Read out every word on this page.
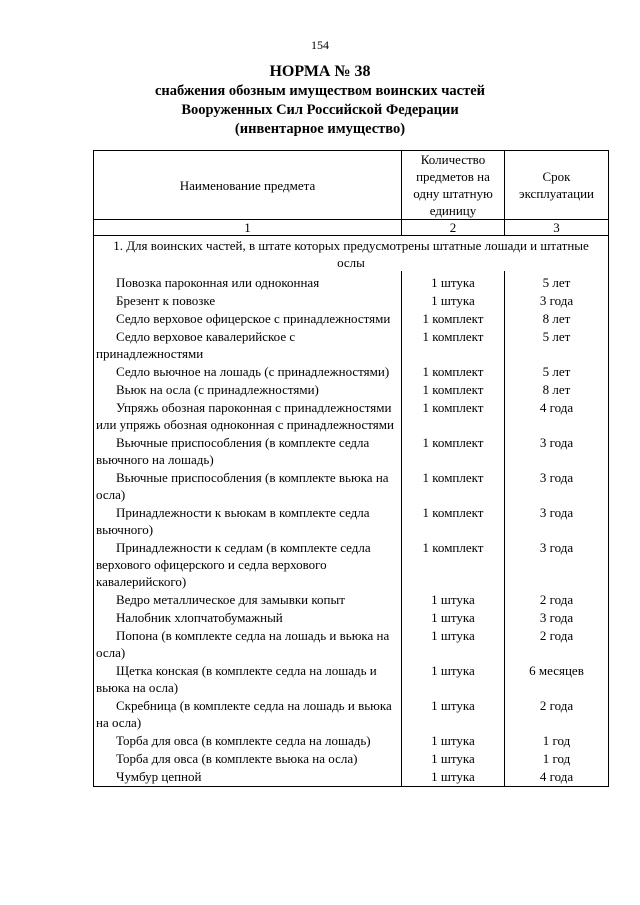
154
НОРМА № 38
снабжения обозным имуществом воинских частей
Вооруженных Сил Российской Федерации
(инвентарное имущество)
Наименование предмета	Количество предметов на одну штатную единицу	Срок эксплуатации
1	2	3
1. Для воинских частей, в штате которых предусмотрены штатные лошади и штатные ослы		
Повозка пароконная или одноконная	1 штука	5 лет
Брезент к повозке	1 штука	3 года
Седло верховое офицерское с принадлежностями	1 комплект	8 лет
Седло верховое кавалерийское с принадлежностями	1 комплект	5 лет
Седло вьючное на лошадь (с принадлежностями)	1 комплект	5 лет
Вьюк на осла (с принадлежностями)	1 комплект	8 лет
Упряжь обозная пароконная с принадлежностями или упряжь обозная одноконная с принадлежностями	1 комплект	4 года
Вьючные приспособления (в комплекте седла вьючного на лошадь)	1 комплект	3 года
Вьючные приспособления (в комплекте вьюка на осла)	1 комплект	3 года
Принадлежности к вьюкам в комплекте седла вьючного)	1 комплект	3 года
Принадлежности к седлам (в комплекте седла верхового офицерского и седла верхового кавалерийского)	1 комплект	3 года
Ведро металлическое для замывки копыт	1 штука	2 года
Налобник хлопчатобумажный	1 штука	3 года
Попона (в комплекте седла на лошадь и вьюка на осла)	1 штука	2 года
Щетка конская (в комплекте седла на лошадь и вьюка на осла)	1 штука	6 месяцев
Скребница (в комплекте седла на лошадь и вьюка на осла)	1 штука	2 года
Торба для овса (в комплекте седла на лошадь)	1 штука	1 год
Торба для овса (в комплекте вьюка на осла)	1 штука	1 год
Чумбур цепной	1 штука	4 года
